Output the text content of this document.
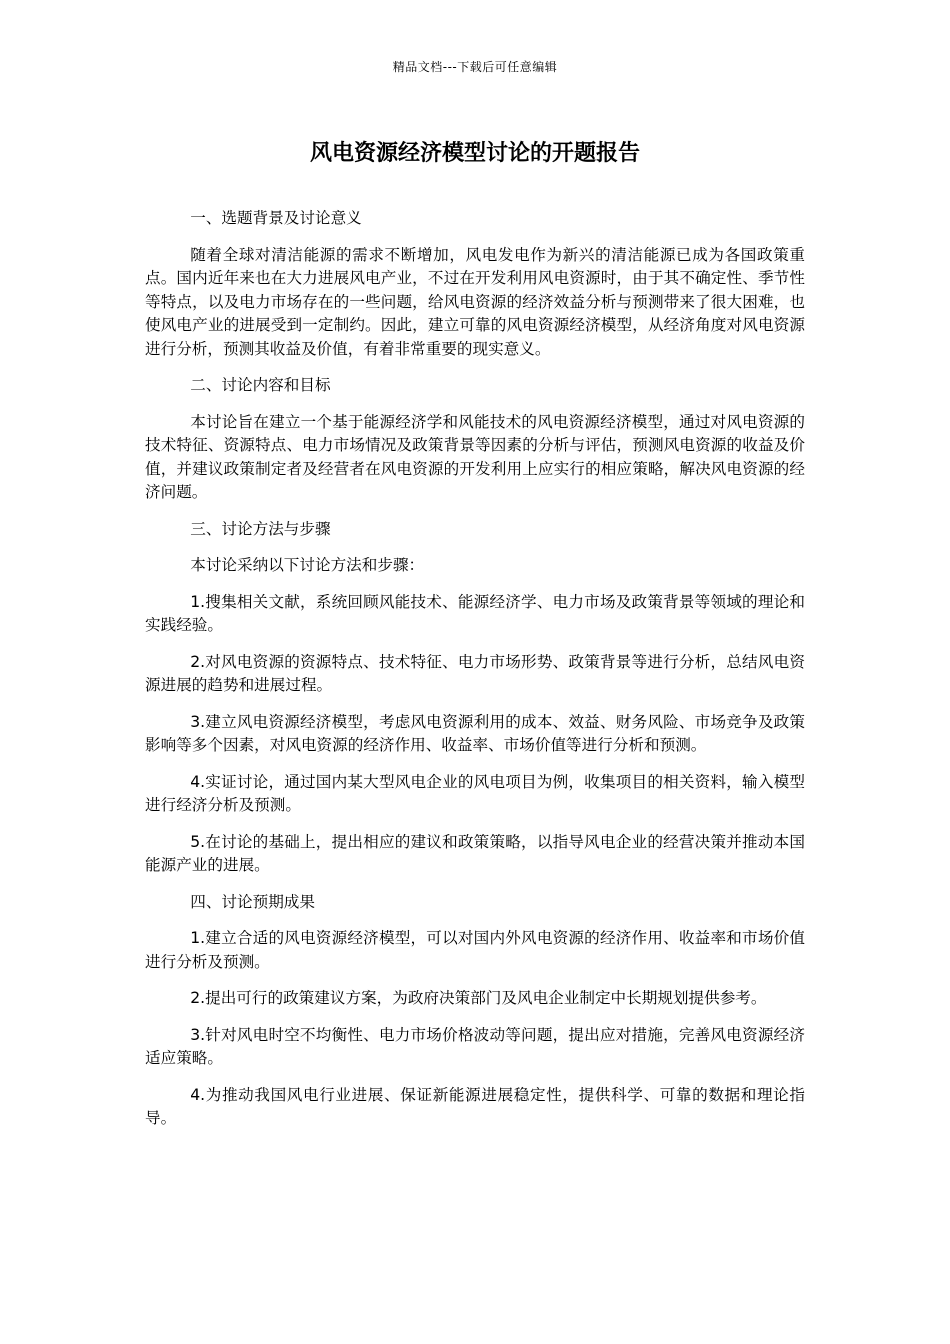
精品文档---下载后可任意编辑
风电资源经济模型讨论的开题报告

一、选题背景及讨论意义

随着全球对清洁能源的需求不断增加，风电发电作为新兴的清洁能源已成为各国政策重点。国内近年来也在大力进展风电产业，不过在开发利用风电资源时，由于其不确定性、季节性等特点，以及电力市场存在的一些问题，给风电资源的经济效益分析与预测带来了很大困难，也使风电产业的进展受到一定制约。因此，建立可靠的风电资源经济模型，从经济角度对风电资源进行分析，预测其收益及价值，有着非常重要的现实意义。

二、讨论内容和目标

本讨论旨在建立一个基于能源经济学和风能技术的风电资源经济模型，通过对风电资源的技术特征、资源特点、电力市场情况及政策背景等因素的分析与评估，预测风电资源的收益及价值，并建议政策制定者及经营者在风电资源的开发利用上应实行的相应策略，解决风电资源的经济问题。

三、讨论方法与步骤

本讨论采纳以下讨论方法和步骤：

1.搜集相关文献，系统回顾风能技术、能源经济学、电力市场及政策背景等领域的理论和实践经验。

2.对风电资源的资源特点、技术特征、电力市场形势、政策背景等进行分析，总结风电资源进展的趋势和进展过程。

3.建立风电资源经济模型，考虑风电资源利用的成本、效益、财务风险、市场竞争及政策影响等多个因素，对风电资源的经济作用、收益率、市场价值等进行分析和预测。

4.实证讨论，通过国内某大型风电企业的风电项目为例，收集项目的相关资料，输入模型进行经济分析及预测。

5.在讨论的基础上，提出相应的建议和政策策略，以指导风电企业的经营决策并推动本国能源产业的进展。

四、讨论预期成果

1.建立合适的风电资源经济模型，可以对国内外风电资源的经济作用、收益率和市场价值进行分析及预测。

2.提出可行的政策建议方案，为政府决策部门及风电企业制定中长期规划提供参考。

3.针对风电时空不均衡性、电力市场价格波动等问题，提出应对措施，完善风电资源经济适应策略。

4.为推动我国风电行业进展、保证新能源进展稳定性，提供科学、可靠的数据和理论指导。
